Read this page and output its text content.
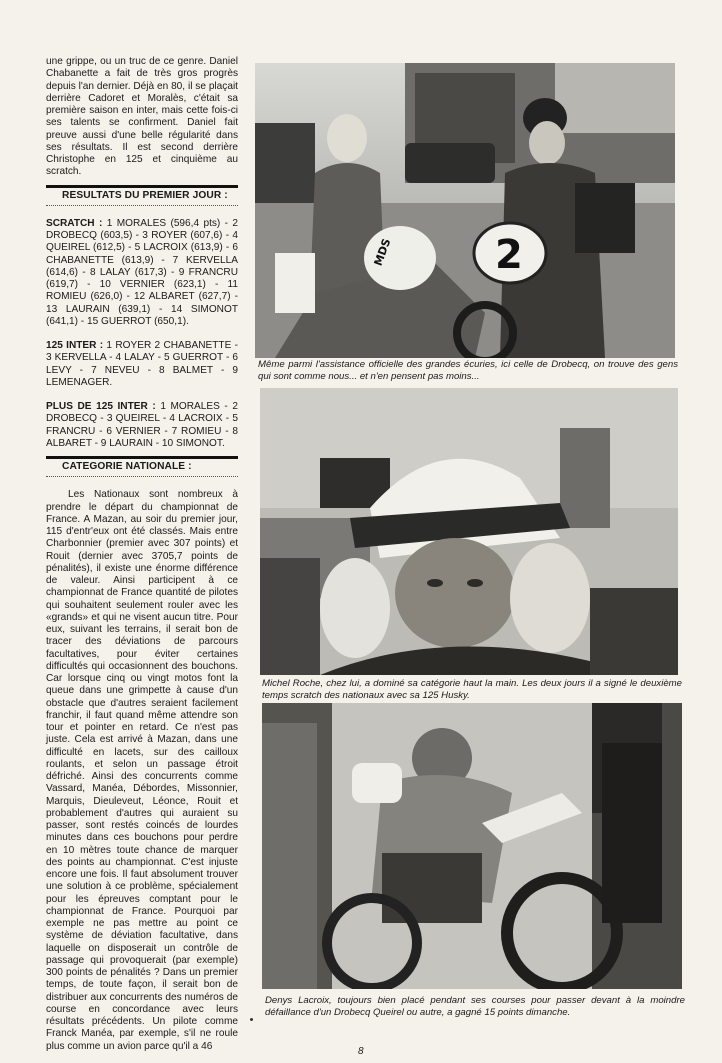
une grippe, ou un truc de ce genre. Daniel Chabanette a fait de très gros progrès depuis l'an dernier. Déjà en 80, il se plaçait derrière Cadoret et Moralès, c'était sa première saison en inter, mais cette fois-ci ses talents se confirment. Daniel fait preuve aussi d'une belle régularité dans ses résultats. Il est second derrière Christophe en 125 et cinquième au scratch.

RESULTATS DU PREMIER JOUR :

SCRATCH : 1 MORALES (596,4 pts) - 2 DROBECQ (603,5) - 3 ROYER (607,6) - 4 QUEIREL (612,5) - 5 LACROIX (613,9) - 6 CHABANETTE (613,9) - 7 KERVELLA (614,6) - 8 LALAY (617,3) - 9 FRANCRU (619,7) - 10 VERNIER (623,1) - 11 ROMIEU (626,0) - 12 ALBARET (627,7) - 13 LAURAIN (639,1) - 14 SIMONOT (641,1) - 15 GUERROT (650,1).

125 INTER : 1 ROYER 2 CHABANETTE - 3 KERVELLA - 4 LALAY - 5 GUERROT - 6 LEVY - 7 NEVEU - 8 BALMET - 9 LEMENAGER.

PLUS DE 125 INTER : 1 MORALES - 2 DROBECQ - 3 QUEIREL - 4 LACROIX - 5 FRANCRU - 6 VERNIER - 7 ROMIEU - 8 ALBARET - 9 LAURAIN - 10 SIMONOT.

CATEGORIE NATIONALE :

Les Nationaux sont nombreux à prendre le départ du championnat de France. A Mazan, au soir du premier jour, 115 d'entr'eux ont été classés. Mais entre Charbonnier (premier avec 307 points) et Rouit (dernier avec 3705,7 points de pénalités), il existe une énorme différence de valeur. Ainsi participent à ce championnat de France quantité de pilotes qui souhaitent seulement rouler avec les «grands» et qui ne visent aucun titre. Pour eux, suivant les terrains, il serait bon de tracer des déviations de parcours facultatives, pour éviter certaines difficultés qui occasionnent des bouchons. Car lorsque cinq ou vingt motos font la queue dans une grimpette à cause d'un obstacle que d'autres seraient facilement franchir, il faut quand même attendre son tour et pointer en retard. Ce n'est pas juste. Cela est arrivé à Mazan, dans une difficulté en lacets, sur des cailloux roulants, et selon un passage étroit défriché. Ainsi des concurrents comme Vassard, Manéa, Débordes, Missonnier, Marquis, Dieuleveut, Léonce, Rouit et probablement d'autres qui auraient su passer, sont restés coincés de lourdes minutes dans ces bouchons pour perdre en 10 mètres toute chance de marquer des points au championnat. C'est injuste encore une fois. Il faut absolument trouver une solution à ce problème, spécialement pour les épreuves comptant pour le championnat de France. Pourquoi par exemple ne pas mettre au point ce système de déviation facultative, dans laquelle on disposerait un contrôle de passage qui provoquerait (par exemple) 300 points de pénalités ? Dans un premier temps, de toute façon, il serait bon de distribuer aux concurrents des numéros de course en concordance avec leurs résultats précédents. Un pilote comme Franck Manéa, par exemple, s'il ne roule plus comme un avion parce qu'il a 46

MDS	2
Même parmi l'assistance officielle des grandes écuries, ici celle de Drobecq, on trouve des gens qui sont comme nous... et n'en pensent pas moins...
Michel Roche, chez lui, a dominé sa catégorie haut la main. Les deux jours il a signé le deuxième temps scratch des nationaux avec sa 125 Husky.
Denys Lacroix, toujours bien placé pendant ses courses pour passer devant à la moindre défaillance d'un Drobecq Queirel ou autre, a gagné 15 points dimanche.
8
